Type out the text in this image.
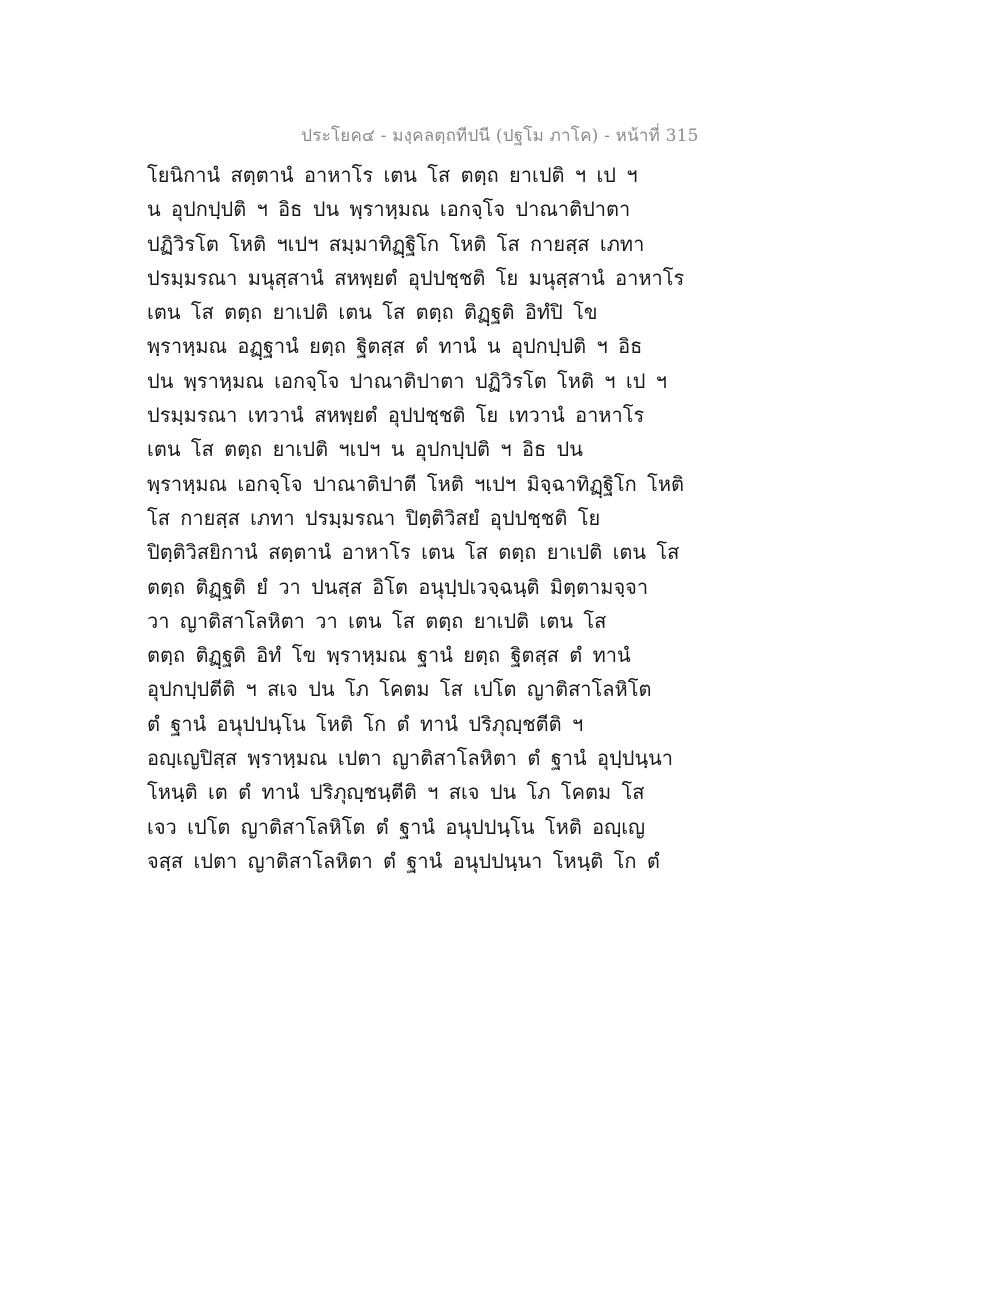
ประโยค๔ - มงฺคลตฺถทีปนี (ปฐโม ภาโค) - หน้าที่ 315
โยนิกานํ สตฺตานํ อาหาโร เตน โส ตตฺถ ยาเปติ ฯ เป ฯ
น อุปกปฺปติ ฯ อิธ ปน พฺราหฺมณ เอกจฺโจ ปาณาติปาตา
ปฏิวิรโต โหติ ฯเปฯ สมฺมาทิฏฺฐิโก โหติ โส กายสฺส เภทา
ปรมฺมรณา มนุสฺสานํ สหพฺยตํ อุปปชฺชติ โย มนุสฺสานํ อาหาโร
เตน โส ตตฺถ ยาเปติ เตน โส ตตฺถ ติฏฺฐติ อิทํปิ โข
พฺราหฺมณ อฏฺฐานํ ยตฺถ ฐิตสฺส ตํ ทานํ น อุปกปฺปติ ฯ อิธ
ปน พฺราหฺมณ เอกจฺโจ ปาณาติปาตา ปฏิวิรโต โหติ ฯ เป ฯ
ปรมฺมรณา เทวานํ สหพฺยตํ อุปปชฺชติ โย เทวานํ อาหาโร
เตน โส ตตฺถ ยาเปติ ฯเปฯ น อุปกปฺปติ ฯ อิธ ปน
พฺราหฺมณ เอกจฺโจ ปาณาติปาตี โหติ ฯเปฯ มิจฺฉาทิฏฺฐิโก โหติ
โส กายสฺส เภทา ปรมฺมรณา ปิตฺติวิสยํ อุปปชฺชติ โย
ปิตฺติวิสยิกานํ สตฺตานํ อาหาโร เตน โส ตตฺถ ยาเปติ เตน โส
ตตฺถ ติฏฺฐติ ยํ วา ปนสฺส อิโต อนุปฺปเวจฺฉนฺติ มิตฺตามจฺจา
วา ญาติสาโลหิตา วา เตน โส ตตฺถ ยาเปติ เตน โส
ตตฺถ ติฏฺฐติ อิทํ โข พฺราหฺมณ ฐานํ ยตฺถ ฐิตสฺส ตํ ทานํ
อุปกปฺปตีติ ฯ สเจ ปน โภ โคตม โส เปโต ญาติสาโลหิโต
ตํ ฐานํ อนุปปนฺโน โหติ โก ตํ ทานํ ปริภุญฺชตีติ ฯ
อญฺเญปิสฺส พฺราหฺมณ เปตา ญาติสาโลหิตา ตํ ฐานํ อุปฺปนฺนา
โหนฺติ เต ตํ ทานํ ปริภุญฺชนฺตีติ ฯ สเจ ปน โภ โคตม โส
เจว เปโต ญาติสาโลหิโต ตํ ฐานํ อนุปปนฺโน โหติ อญฺเญ
จสฺส เปตา ญาติสาโลหิตา ตํ ฐานํ อนุปปนฺนา โหนฺติ โก ตํ
